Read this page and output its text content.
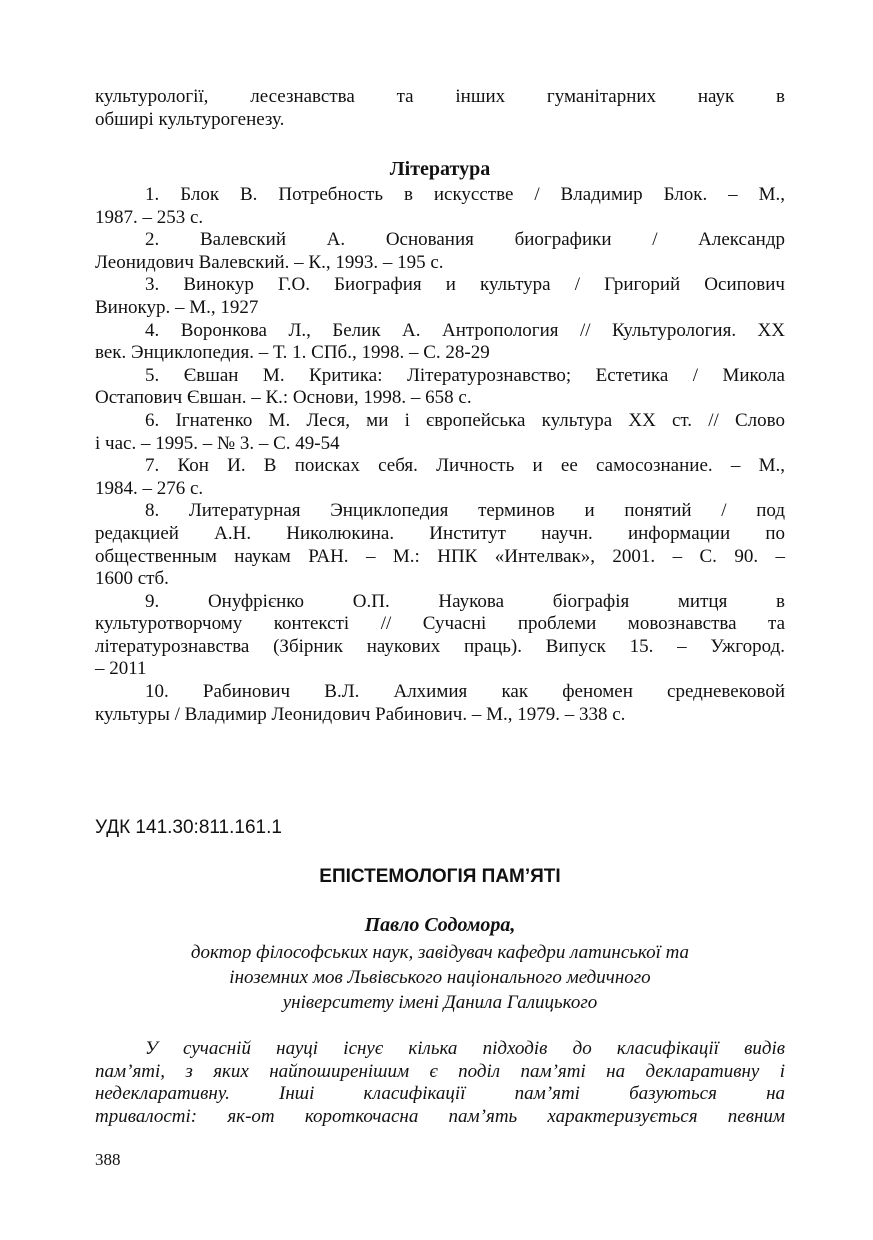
культурології, лесезнавства та інших гуманітарних наук в
обширі культурогенезу.
Література
1. Блок В. Потребность в искусстве / Владимир Блок. – М.,
1987. – 253 с.
2. Валевский А. Основания биографики / Александр
Леонидович Валевский. – К., 1993. – 195 с.
3. Винокур Г.О. Биография и культура / Григорий Осипович
Винокур. – М., 1927
4. Воронкова Л., Белик А. Антропология // Культурология. ХХ
век. Энциклопедия. – Т. 1. СПб., 1998. – С. 28-29
5. Євшан М. Критика: Літературознавство; Естетика / Микола
Остапович Євшан. – К.: Основи, 1998. – 658 с.
6. Ігнатенко М. Леся, ми і європейська культура ХХ ст. // Слово
і час. – 1995. – № 3. – С. 49-54
7. Кон И. В поисках себя. Личность и ее самосознание. – М.,
1984. – 276 с.
8. Литературная Энциклопедия терминов и понятий / под
редакцией А.Н. Николюкина. Институт научн. информации по
общественным наукам РАН. – М.: НПК «Интелвак», 2001. – С. 90. –
1600 стб.
9. Онуфрієнко О.П. Наукова біографія митця в
культуротворчому контексті // Сучасні проблеми мовознавства та
літературознавства (Збірник наукових праць). Випуск 15. – Ужгород.
– 2011
10. Рабинович В.Л. Алхимия как феномен средневековой
культуры / Владимир Леонидович Рабинович. – М., 1979. – 338 с.
УДК 141.30:811.161.1
ЕПІСТЕМОЛОГІЯ ПАМ’ЯТІ
Павло Содомора,
доктор філософських наук, завідувач кафедри латинської та
іноземних мов Львівського національного медичного
університету імені Данила Галицького
У сучасній науці існує кілька підходів до класифікації видів
пам’яті, з яких найпоширенішим є поділ пам’яті на декларативну і
недекларативну. Інші класифікації пам’яті базуються на
тривалості: як-от короткочасна пам’ять характеризується певним
388
